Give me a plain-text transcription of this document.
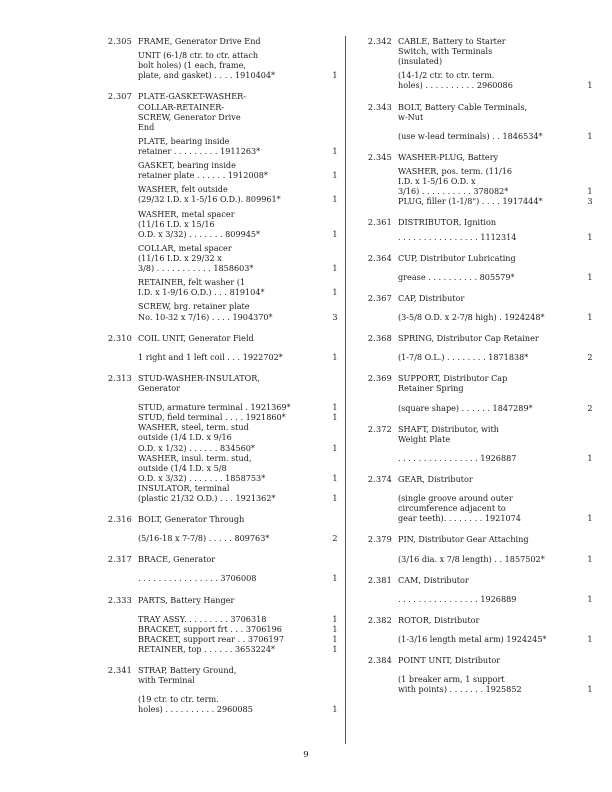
2.305 FRAME, Generator Drive End
UNIT (6-1/8 ctr. to ctr. attach
bolt holes) (1 each, frame,
plate, and gasket) . . . . 1910404*	1
2.307 PLATE-GASKET-WASHER-
COLLAR-RETAINER-
SCREW, Generator Drive
End
PLATE, bearing inside
retainer . . . . . . . . . 1911263*	1
GASKET, bearing inside
retainer plate . . . . . . 1912008*	1
WASHER, felt outside
(29/32 I.D. x 1-5/16 O.D.). 809961*	1
WASHER, metal spacer
(11/16 I.D. x 15/16
O.D. x 3/32) . . . . . . . 809945*	1
COLLAR, metal spacer
(11/16 I.D. x 29/32 x
3/8) . . . . . . . . . . . 1858603*	1
RETAINER, felt washer (1
I.D. x 1-9/16 O.D.) . . . 819104*	1
SCREW, brg. retainer plate
No. 10-32 x 7/16) . . . . 1904370*	3
2.310 COIL UNIT, Generator Field
1 right and 1 left coil . . . 1922702*	1
2.313 STUD-WASHER-INSULATOR,
Generator
STUD, armature terminal . 1921369*	1
STUD, field terminal . . . . 1921860*	1
WASHER, steel, term. stud
outside (1/4 I.D. x 9/16
O.D. x 1/32) . . . . . . 834560*	1
WASHER, insul. term. stud,
outside (1/4 I.D. x 5/8
O.D. x 3/32) . . . . . . . 1858753*	1
INSULATOR, terminal
(plastic 21/32 O.D.) . . . 1921362*	1
2.316 BOLT, Generator Through
(5/16-18 x 7-7/8) . . . . . 809763*	2
2.317 BRACE, Generator
. . . . . . . . . . . . . . . . 3706008	1
2.333 PARTS, Battery Hanger
TRAY ASSY. . . . . . . . . 3706318	1
BRACKET, support frt . . . 3706196	1
BRACKET, support rear . . 3706197	1
RETAINER, top . . . . . . 3653224*	1
2.341 STRAP, Battery Ground,
with Terminal
(19 ctr. to ctr. term.
holes) . . . . . . . . . . 2960085	1
2.342 CABLE, Battery to Starter
Switch, with Terminals
(insulated)
(14-1/2 ctr. to ctr. term.
holes) . . . . . . . . . . 2960086	1
2.343 BOLT, Battery Cable Terminals,
w-Nut
(use w-lead terminals) . . 1846534*	1
2.345 WASHER-PLUG, Battery
WASHER, pos. term. (11/16
I.D. x 1-5/16 O.D. x
3/16) . . . . . . . . . . 378082*	1
PLUG, filler (1-1/8") . . . . 1917444*	3
2.361 DISTRIBUTOR, Ignition
. . . . . . . . . . . . . . . . 1112314	1
2.364 CUP, Distributor Lubricating
grease . . . . . . . . . . 805579*	1
2.367 CAP, Distributor
(3-5/8 O.D. x 2-7/8 high) . 1924248*	1
2.368 SPRING, Distributor Cap Retainer
(1-7/8 O.L.) . . . . . . . . 1871838*	2
2.369 SUPPORT, Distributor Cap
Retainer Spring
(square shape) . . . . . . 1847289*	2
2.372 SHAFT, Distributor, with
Weight Plate
. . . . . . . . . . . . . . . . 1926887	1
2.374 GEAR, Distributor
(single groove around outer
circumference adjacent to
gear teeth). . . . . . . . 1921074	1
2.379 PIN, Distributor Gear Attaching
(3/16 dia. x 7/8 length) . . 1857502*	1
2.381 CAM, Distributor
. . . . . . . . . . . . . . . . 1926889	1
2.382 ROTOR, Distributor
(1-3/16 length metal arm) 1924245*	1
2.384 POINT UNIT, Distributor
(1 breaker arm, 1 support
with points) . . . . . . . 1925852	1
9
